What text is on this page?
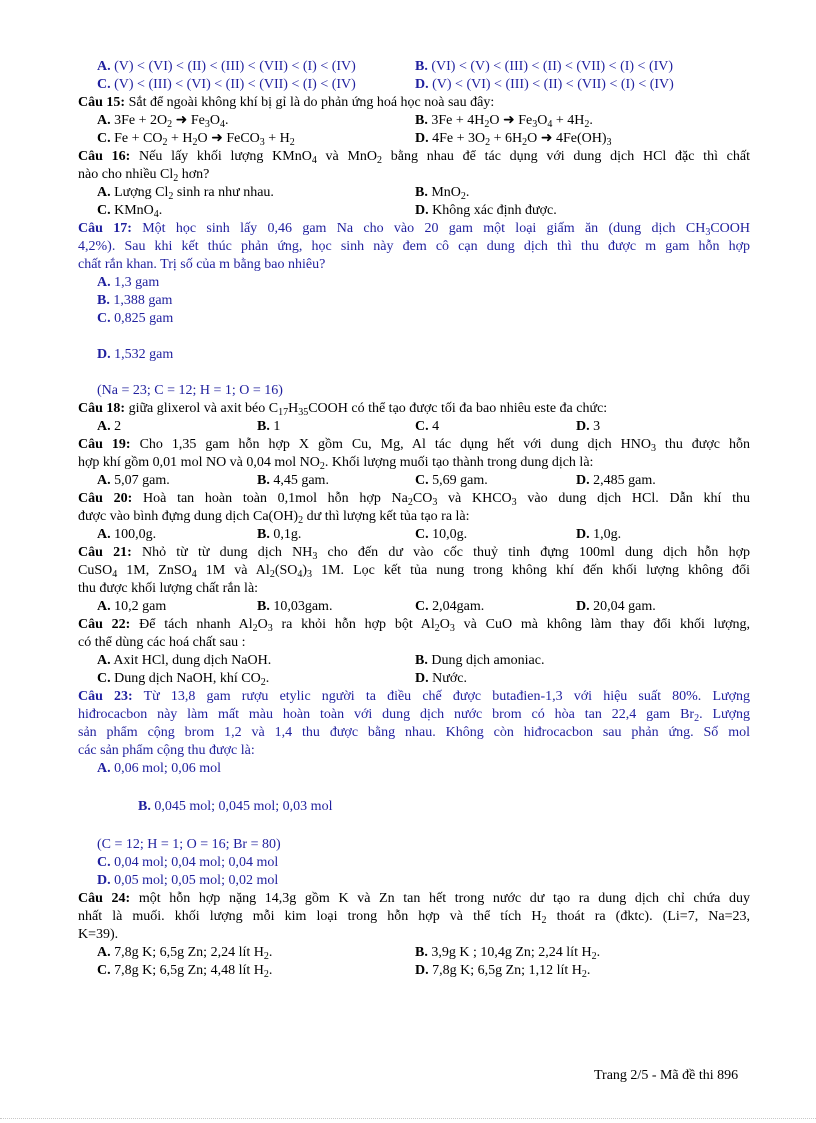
A. (V) < (VI) < (II) < (III) < (VII) < (I) < (IV)	B. (VI) < (V) < (III) < (II) < (VII) < (I) < (IV)
C. (V) < (III) < (VI) < (II) < (VII) < (I) < (IV)	D. (V) < (VI) < (III) < (II) < (VII) < (I) < (IV)
Câu 15: Sắt để ngoài không khí bị gỉ là do phản ứng hoá học noà sau đây:
A. $3Fe + 2O_2$ ➜ $Fe_3O_4$.	B. $3Fe + 4H_2O$ ➜ $Fe_3O_4 + 4H_2$.
C. $Fe + CO_2 + H_2O$ ➜ FeCO$_3$ + $H_2$	D. $4Fe + 3O_2 + 6H_2O$ ➜ $4Fe(OH)_3$
Câu 16: Nếu lấy khối lượng KMnO$_4$ và MnO$_2$ bằng nhau để tác dụng với dung dịch HCl đặc thì chất
nào cho nhiều $Cl_2$ hơn?
A. Lượng $Cl_2$ sinh ra như nhau.	B. MnO$_2$.
C. KMnO$_4$.	D. Không xác định được.
Câu 17: Một học sinh lấy 0,46 gam Na cho vào 20 gam một loại giấm ăn (dung dịch $CH_3COOH$
4,2%). Sau khi kết thúc phản ứng, học sinh này đem cô cạn dung dịch thì thu được m gam hỗn hợp
chất rắn khan. Trị số của m bằng bao nhiêu?
A. 1,3 gam
B. 1,388 gam
C. 0,825 gam
D. 1,532 gam
(Na = 23; C = 12; H = 1; O = 16)
Câu 18: giữa glixerol và axit béo $C_{17}H_{35}COOH$ có thể tạo được tối đa bao nhiêu este đa chức:
A. 2	B. 1	C. 4	D. 3
Câu 19: Cho 1,35 gam hỗn hợp X gồm Cu, Mg, Al tác dụng hết với dung dịch $HNO_3$ thu được hỗn
hợp khí gồm 0,01 mol NO và 0,04 mol $NO_2$. Khối lượng muối tạo thành trong dung dịch là:
A. 5,07 gam.	B. 4,45 gam.	C. 5,69 gam.	D. 2,485 gam.
Câu 20: Hoà tan hoàn toàn 0,1mol hỗn hợp $Na_2CO_3$ và $KHCO_3$ vào dung dịch HCl. Dẫn khí thu
được vào bình đựng dung dịch $Ca(OH)_2$ dư thì lượng kết tủa tạo ra là:
A. 100,0g.	B. 0,1g.	C. 10,0g.	D. 1,0g.
Câu 21: Nhỏ từ từ dung dịch $NH_3$ cho đến dư vào cốc thuỷ tinh đựng 100ml dung dịch hỗn hợp
CuSO$_4$ 1M, ZnSO$_4$ 1M và $Al_2(SO_4)_3$ 1M. Lọc kết tủa nung trong không khí đến khối lượng không đổi
thu được khối lượng chất rắn là:
A. 10,2 gam	B. 10,03gam.	C. 2,04gam.	D. 20,04 gam.
Câu 22: Để tách nhanh $Al_2O_3$ ra khỏi hỗn hợp bột $Al_2O_3$ và CuO mà không làm thay đổi khối lượng,
có thể dùng các hoá chất sau :
A. Axit HCl, dung dịch NaOH.	B. Dung dịch amoniac.
C. Dung dịch NaOH, khí $CO_2$.	D. Nước.
Câu 23: Từ 13,8 gam rượu etylic người ta điều chế được butađien-1,3 với hiệu suất 80%. Lượng
hiđrocacbon này làm mất màu hoàn toàn với dung dịch nước brom có hòa tan 22,4 gam $Br_2$. Lượng
sản phẩm cộng brom 1,2 và 1,4 thu được bằng nhau. Không còn hiđrocacbon sau phản ứng. Số mol
các sản phẩm cộng thu được là:
A. 0,06 mol; 0,06 mol
B. 0,045 mol; 0,045 mol; 0,03 mol
(C = 12; H = 1; O = 16; Br = 80)
C. 0,04 mol; 0,04 mol; 0,04 mol
D. 0,05 mol; 0,05 mol; 0,02 mol
Câu 24: một hỗn hợp nặng 14,3g gồm K và Zn tan hết trong nước dư tạo ra dung dịch chỉ chứa duy
nhất là muối. khối lượng mỗi kim loại trong hỗn hợp và thể tích $H_2$ thoát ra (đktc). (Li=7, Na=23,
K=39).
A. 7,8g K; 6,5g Zn; 2,24 lít $H_2$.	B. 3,9g K ; 10,4g Zn; 2,24 lít $H_2$.
C. 7,8g K; 6,5g Zn; 4,48 lít $H_2$.	D. 7,8g K; 6,5g Zn; 1,12 lít $H_2$.
Trang 2/5 - Mã đề thi 896
